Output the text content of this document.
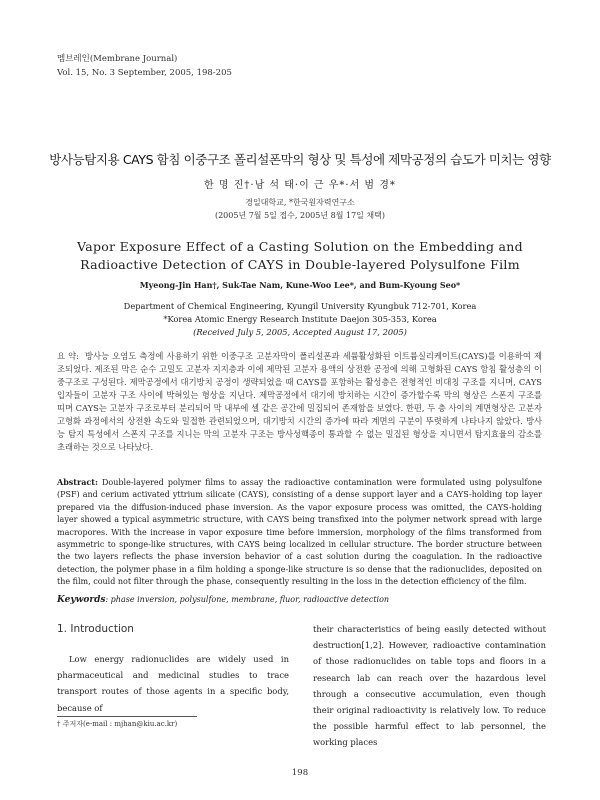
멤브레인(Membrane Journal)
Vol. 15, No. 3 September, 2005, 198-205
방사능탐지용 CAYS 함침 이중구조 폴리설폰막의 형상 및 특성에 제막공정의 습도가 미치는 영향
한 명 진†·남 석 태·이 근 우*·서 범 경*
경일대학교, *한국원자력연구소
(2005년 7월 5일 접수, 2005년 8월 17일 채택)
Vapor Exposure Effect of a Casting Solution on the Embedding and Radioactive Detection of CAYS in Double-layered Polysulfone Film
Myeong-Jin Han†, Suk-Tae Nam, Kune-Woo Lee*, and Bum-Kyoung Seo*
Department of Chemical Engineering, Kyungil University Kyungbuk 712-701, Korea
*Korea Atomic Energy Research Institute Daejon 305-353, Korea
(Received July 5, 2005, Accepted August 17, 2005)
요 약: 방사능 오염도 측정에 사용하기 위한 이중구조 고분자막이 폴리설폰과 세륨활성화된 이트륨실리케이트(CAYS)를 이용하여 제조되었다. 제조된 막은 순수 고밀도 고분자 지지층과 이에 제막된 고분자 용액의 상전환 공정에 의해 고형화된 CAYS 함침 활성층의 이중구조로 구성된다. 제막공정에서 대기방치 공정이 생략되었을 때 CAYS를 포함하는 활성층은 전형적인 비대칭 구조를 지니며, CAYS 입자들이 고분자 구조 사이에 박혀있는 형상을 지닌다. 제막공정에서 대기에 방치하는 시간이 증가할수록 막의 형상은 스폰지 구조를 띠며 CAYS는 고분자 구조로부터 분리되어 막 내부에 셀 같은 공간에 밀집되어 존재함을 보였다. 한편, 두 층 사이의 계면형상은 고분자 고형화 과정에서의 상전환 속도와 밀접한 관련되었으며, 대기방치 시간의 증가에 따라 계면의 구분이 뚜렷하게 나타나지 않았다. 방사능 탐지 특성에서 스폰지 구조를 지니는 막의 고분자 구조는 방사성핵종이 통과할 수 없는 밀집된 형상을 지니면서 탐지효율의 감소를 초래하는 것으로 나타났다.
Abstract: Double-layered polymer films to assay the radioactive contamination were formulated using polysulfone (PSF) and cerium activated yttrium silicate (CAYS), consisting of a dense support layer and a CAYS-holding top layer prepared via the diffusion-induced phase inversion. As the vapor exposure process was omitted, the CAYS-holding layer showed a typical asymmetric structure, with CAYS being transfixed into the polymer network spread with large macropores. With the increase in vapor exposure time before immersion, morphology of the films transformed from asymmetric to sponge-like structures, with CAYS being localized in cellular structure. The border structure between the two layers reflects the phase inversion behavior of a cast solution during the coagulation. In the radioactive detection, the polymer phase in a film holding a sponge-like structure is so dense that the radionuclides, deposited on the film, could not filter through the phase, consequently resulting in the loss in the detection efficiency of the film.
Keywords: phase inversion, polysulfone, membrane, fluor, radioactive detection
1. Introduction

Low energy radionuclides are widely used in pharmaceutical and medicinal studies to trace transport routes of those agents in a specific body, because of

their characteristics of being easily detected without destruction[1,2]. However, radioactive contamination of those radionuclides on table tops and floors in a research lab can reach over the hazardous level through a consecutive accumulation, even though their original radioactivity is relatively low. To reduce the possible harmful effect to lab personnel, the working places

† 주저자(e-mail : mjhan@kiu.ac.kr)
198
